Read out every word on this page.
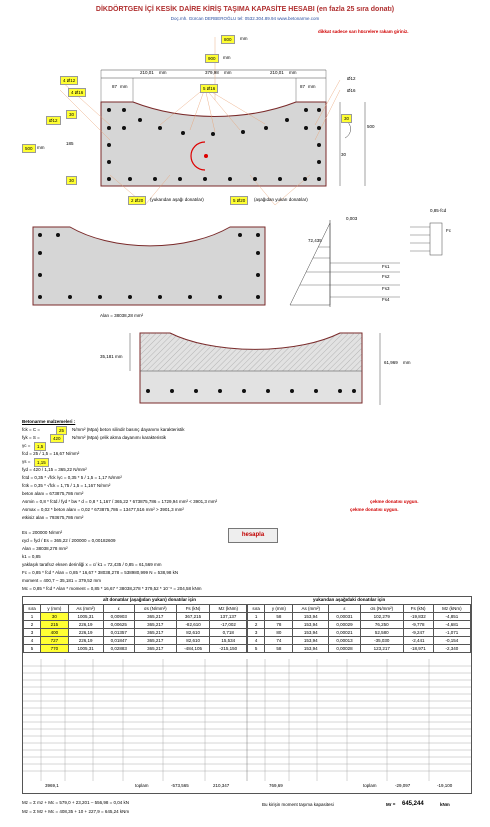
DİKDÖRTGEN İÇİ KESİK DAİRE KİRİŞ TAŞIMA KAPASİTE HESABI (en fazla 25 sıra donatı)
Doç.mh. Gürcan DERBEROĞLU tel: 0532.304.89.94 www.betonarme.com
dikkat sadece sarı hücrelere rakam giriniz.
800	mm
900	mm
210,01 mm	379,98 mm	210,01 mm
4 Ø12
4 Ø16
5 Ø16
Ø12
Ø16
Ø12
500 mm
87 mm	87 mm
30
185
30
30
500
30
2 Ø20	(yukarıdan aşağı donatılar)	5 Ø20	(aşağıdan yukarı donatılar)
0,003
72,435
Fs1
Fs2
Fs3
Fs4
0,85·fcd
Fc
Alan = 38038,28 mm²
35,181 mm
61,969 mm
Betonarme malzemeleri :
fck = C =	25	N/mm² (Mpa) beton silindir basınç dayanımı karakteristik
fyk = S =	420	N/mm² (Mpa) çelik akma dayanımı karakteristik
γc =	1,5
fcd = 25 / 1,5 = 16,67 N/mm²
γs =	1,15
fyd = 420 / 1,15 = 365,22 N/mm²
fctd = 0,35 * √fck /γc = 0,35 * 5 / 1,5 = 1,17 N/mm²
fctk = 0,35 * √fck = 1,75 / 1,5 = 1,167 N/mm²
beton alanı = 673875,786 mm²
Asmin = 0,8 * fctd / fyd * bw * d = 0,8 * 1,167 / 365,22 * 673875,786 = 1729,94 mm² < 3901,3 mm²	çekme donatısı uygun.
Asmax = 0,02 * beton alanı = 0,02 * 673875,786 = 13477,516 mm² > 3901,3 mm²	çekme donatısı uygun.
etkisiz alan = 793675,786 mm²
Es = 200000 N/mm²
εyd = fyd / Es = 365,22 / 200000 = 0,00182609
Alan = 38038,278 mm²
k1 = 0,85
yaklaşık tarafsız eksen derinliği x = c/ k1 = 72,435 / 0,85 = 61,569 mm
Fc = 0,85 * fcd * Alan = 0,85 * 16,67 * 38038,278 = 538980,999 N = 538,98 kN
moment = 400,7 – 35,181 = 379,52 mm
Mc = 0,85 * fcd * Alan * moment = 0,85 * 16,67 * 38038,278 * 379,52 * 10⁻⁶ = 204,58 kNm
hesapla
alt donatılar (aşağıdan yukarı) donatılar için	yukarıdan aşağıdaki donatılar için
sıra	y (mm)	As (mm²)	ε	σs (N/mm²)	Fs (kN)	Mz (kNm)
1	30	1005,31	0,00903	365,217	367,215	137,137
2	215	226,19	0,00625	365,217	-82,610	-17,002
3	400	226,19	0,01357	365,217	82,610	0,718
4	727	226,19	0,01847	365,217	82,610	15,534
5	770	1005,31	0,02883	365,217	-484,105	-215,150
sıra	y (mm)	As (mm²)	ε	σs (N/mm²)	Fs (kN)	Mz (kNm)
1	58	153,94	0,00031	102,279	-19,832	-4,851
2	78	153,94	0,00029	76,250	-9,778	-4,681
3	80	153,94	0,00021	52,580	-9,247	-1,071
4	74	153,94	0,00013	-35,030	-2,441	-0,154
5	58	153,94	0,00028	123,217	-18,971	-2,340
3969,1	toplam	-573,565	210,347	769,69	toplam	-29,097	-19,100
Mz = Σ mz + Mc = 579,0 + 23,201 – 556,98 = 0,04 kN
Mz = Σ Mz + Mc = 408,35 + 10 + 227,9 = 645,24 kNm
Bu kirişin moment taşıma kapasitesi	Mr = 645,244	kNm
